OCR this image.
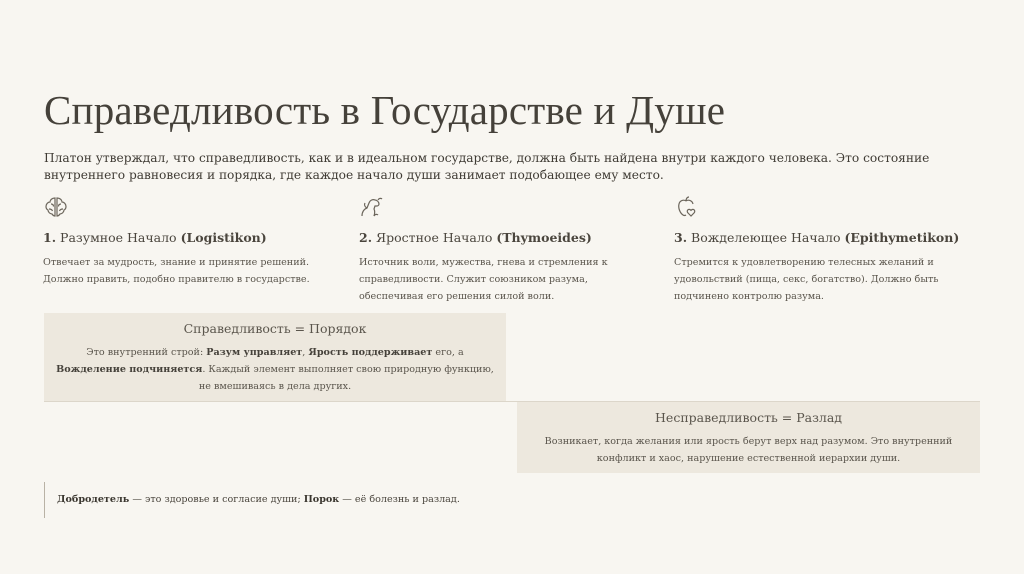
Справедливость в Государстве и Душе

Платон утверждал, что справедливость, как и в идеальном государстве, должна быть найдена внутри каждого человека. Это состояние внутреннего равновесия и порядка, где каждое начало души занимает подобающее ему место.

1. Разумное Начало (Logistikon)
Отвечает за мудрость, знание и принятие решений. Должно править, подобно правителю в государстве.
2. Яростное Начало (Thymoeides)
Источник воли, мужества, гнева и стремления к справедливости. Служит союзником разума, обеспечивая его решения силой воли.
3. Вожделеющее Начало (Epithymetikon)
Стремится к удовлетворению телесных желаний и удовольствий (пища, секс, богатство). Должно быть подчинено контролю разума.
Справедливость = Порядок
Это внутренний строй: Разум управляет, Ярость поддерживает его, а Вожделение подчиняется. Каждый элемент выполняет свою природную функцию, не вмешиваясь в дела других.
Несправедливость = Разлад
Возникает, когда желания или ярость берут верх над разумом. Это внутренний конфликт и хаос, нарушение естественной иерархии души.
Добродетель — это здоровье и согласие души; Порок — её болезнь и разлад.
